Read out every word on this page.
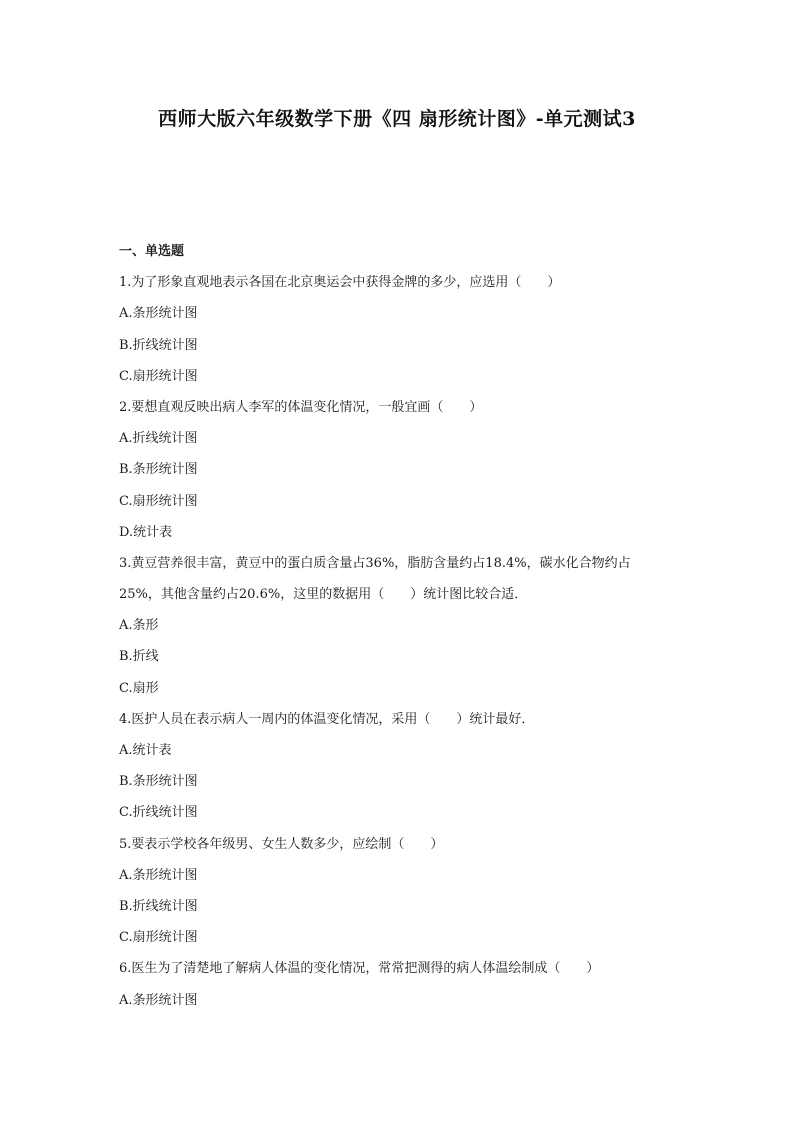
西师大版六年级数学下册《四 扇形统计图》-单元测试3
一、单选题
1.为了形象直观地表示各国在北京奥运会中获得金牌的多少，应选用（　　）
A.条形统计图
B.折线统计图
C.扇形统计图
2.要想直观反映出病人李军的体温变化情况，一般宜画（　　）
A.折线统计图
B.条形统计图
C.扇形统计图
D.统计表
3.黄豆营养很丰富，黄豆中的蛋白质含量占36%，脂肪含量约占18.4%，碳水化合物约占
25%，其他含量约占20.6%，这里的数据用（　　）统计图比较合适．
A.条形
B.折线
C.扇形
4.医护人员在表示病人一周内的体温变化情况，采用（　　）统计最好．
A.统计表
B.条形统计图
C.折线统计图
5.要表示学校各年级男、女生人数多少，应绘制（　　）
A.条形统计图
B.折线统计图
C.扇形统计图
6.医生为了清楚地了解病人体温的变化情况，常常把测得的病人体温绘制成（　　）
A.条形统计图
